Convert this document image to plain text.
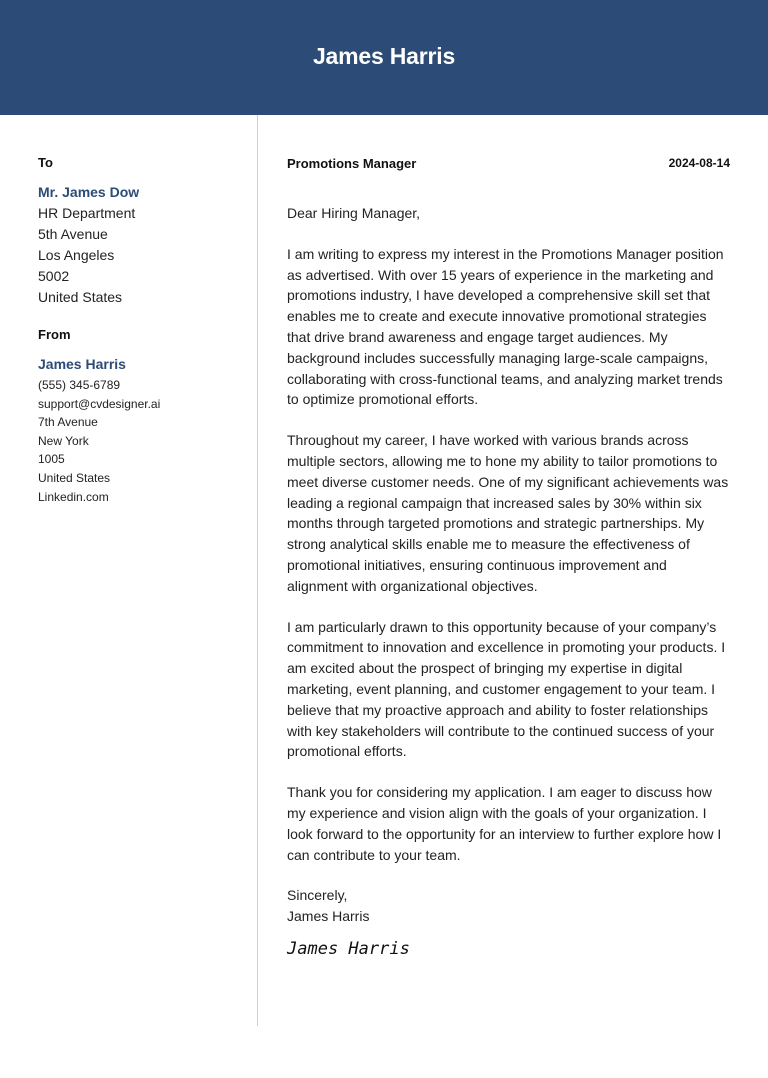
James Harris
To
Mr. James Dow
HR Department
5th Avenue
Los Angeles
5002
United States
From
James Harris
(555) 345-6789
support@cvdesigner.ai
7th Avenue
New York
1005
United States
Linkedin.com
Promotions Manager	2024-08-14
Dear Hiring Manager,

I am writing to express my interest in the Promotions Manager position as advertised. With over 15 years of experience in the marketing and promotions industry, I have developed a comprehensive skill set that enables me to create and execute innovative promotional strategies that drive brand awareness and engage target audiences. My background includes successfully managing large-scale campaigns, collaborating with cross-functional teams, and analyzing market trends to optimize promotional efforts.

Throughout my career, I have worked with various brands across multiple sectors, allowing me to hone my ability to tailor promotions to meet diverse customer needs. One of my significant achievements was leading a regional campaign that increased sales by 30% within six months through targeted promotions and strategic partnerships. My strong analytical skills enable me to measure the effectiveness of promotional initiatives, ensuring continuous improvement and alignment with organizational objectives.

I am particularly drawn to this opportunity because of your company’s commitment to innovation and excellence in promoting your products. I am excited about the prospect of bringing my expertise in digital marketing, event planning, and customer engagement to your team. I believe that my proactive approach and ability to foster relationships with key stakeholders will contribute to the continued success of your promotional efforts.

Thank you for considering my application. I am eager to discuss how my experience and vision align with the goals of your organization. I look forward to the opportunity for an interview to further explore how I can contribute to your team.

Sincerely,
James Harris
James Harris
